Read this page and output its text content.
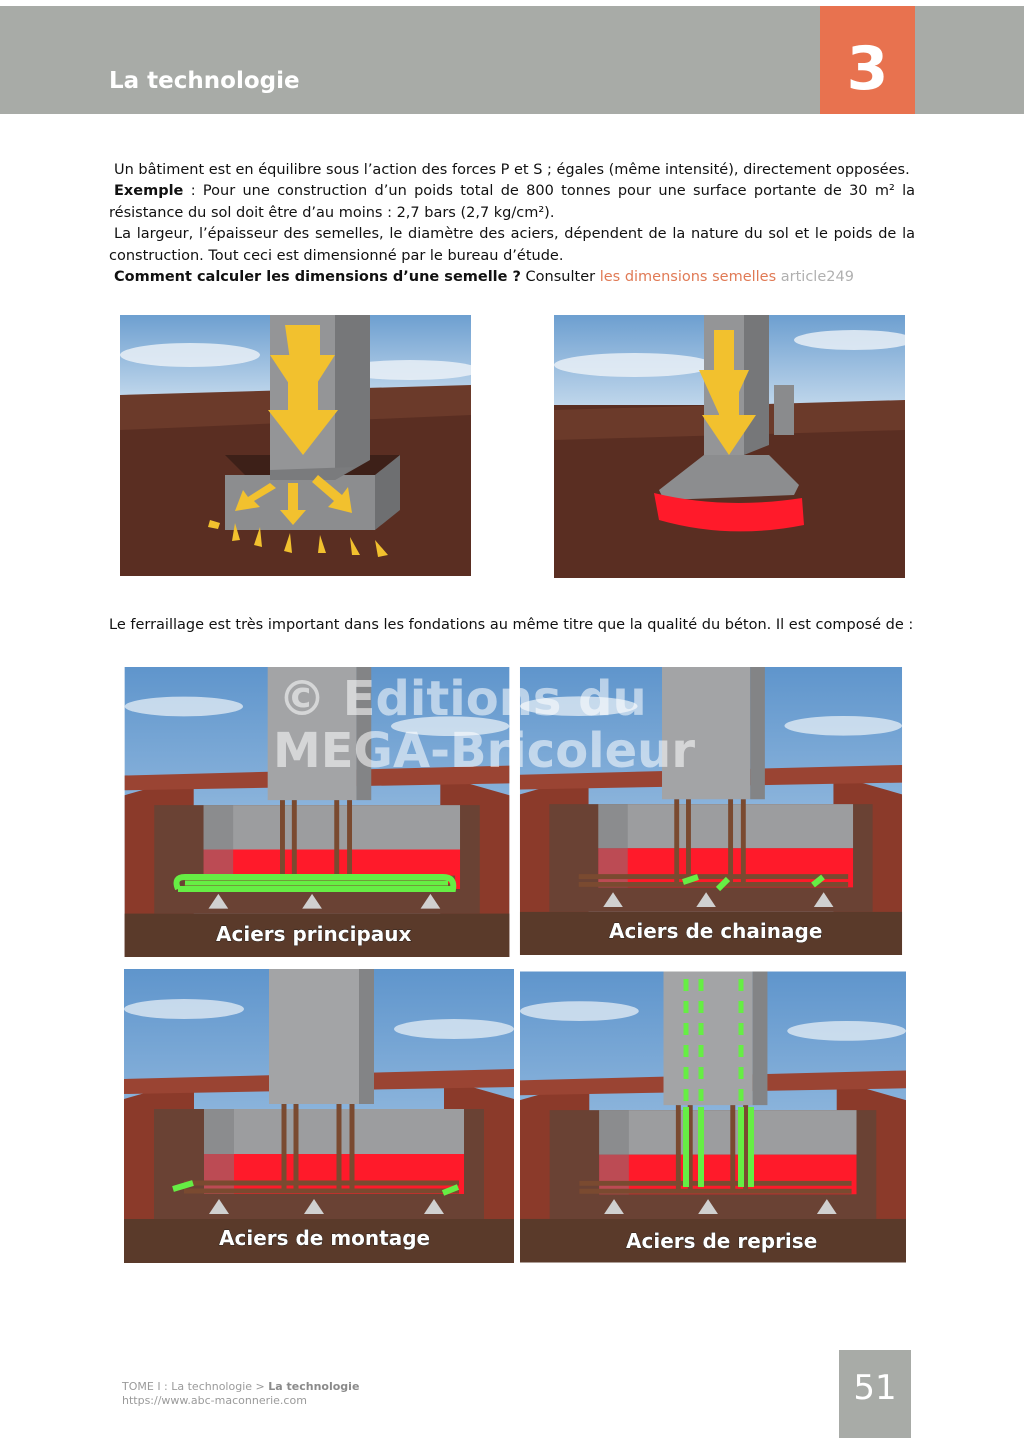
La technologie	3

Un bâtiment est en équilibre sous l’action des forces P et S ; égales (même intensité), directement opposées.

Exemple : Pour une construction d’un poids total de 800 tonnes pour une surface portante de 30 m² la résistance du sol doit être d’au moins : 2,7 bars (2,7 kg/cm²).

La largeur, l’épaisseur des semelles, le diamètre des aciers, dépendent de la nature du sol et le poids de la construction. Tout ceci est dimensionné par le bureau d’étude.

Comment calculer les dimensions d’une semelle ? Consulter les dimensions semelles article249

Le ferraillage est très important dans les fondations au même titre que la qualité du béton. Il est composé de :
Aciers principaux	Aciers de chainage
Aciers de montage	Aciers de reprise
© Editions du
MEGA-Bricoleur
TOME I : La technologie > La technologie
https://www.abc-maconnerie.com	51
